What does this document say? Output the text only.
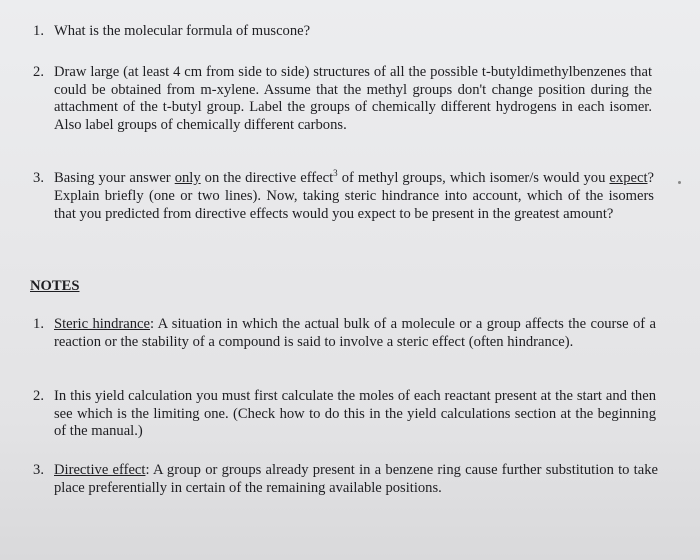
1. What is the molecular formula of muscone?

2. Draw large (at least 4 cm from side to side) structures of all the possible t-butyldimethylbenzenes that could be obtained from m-xylene. Assume that the methyl groups don't change position during the attachment of the t-butyl group. Label the groups of chemically different hydrogens in each isomer. Also label groups of chemically different carbons.

3. Basing your answer only on the directive effect$^3$ of methyl groups, which isomer/s would you expect? Explain briefly (one or two lines). Now, taking steric hindrance into account, which of the isomers that you predicted from directive effects would you expect to be present in the greatest amount?

NOTES
1. Steric hindrance: A situation in which the actual bulk of a molecule or a group affects the course of a reaction or the stability of a compound is said to involve a steric effect (often hindrance).

2. In this yield calculation you must first calculate the moles of each reactant present at the start and then see which is the limiting one. (Check how to do this in the yield calculations section at the beginning of the manual.)

3. Directive effect: A group or groups already present in a benzene ring cause further substitution to take place preferentially in certain of the remaining available positions.
